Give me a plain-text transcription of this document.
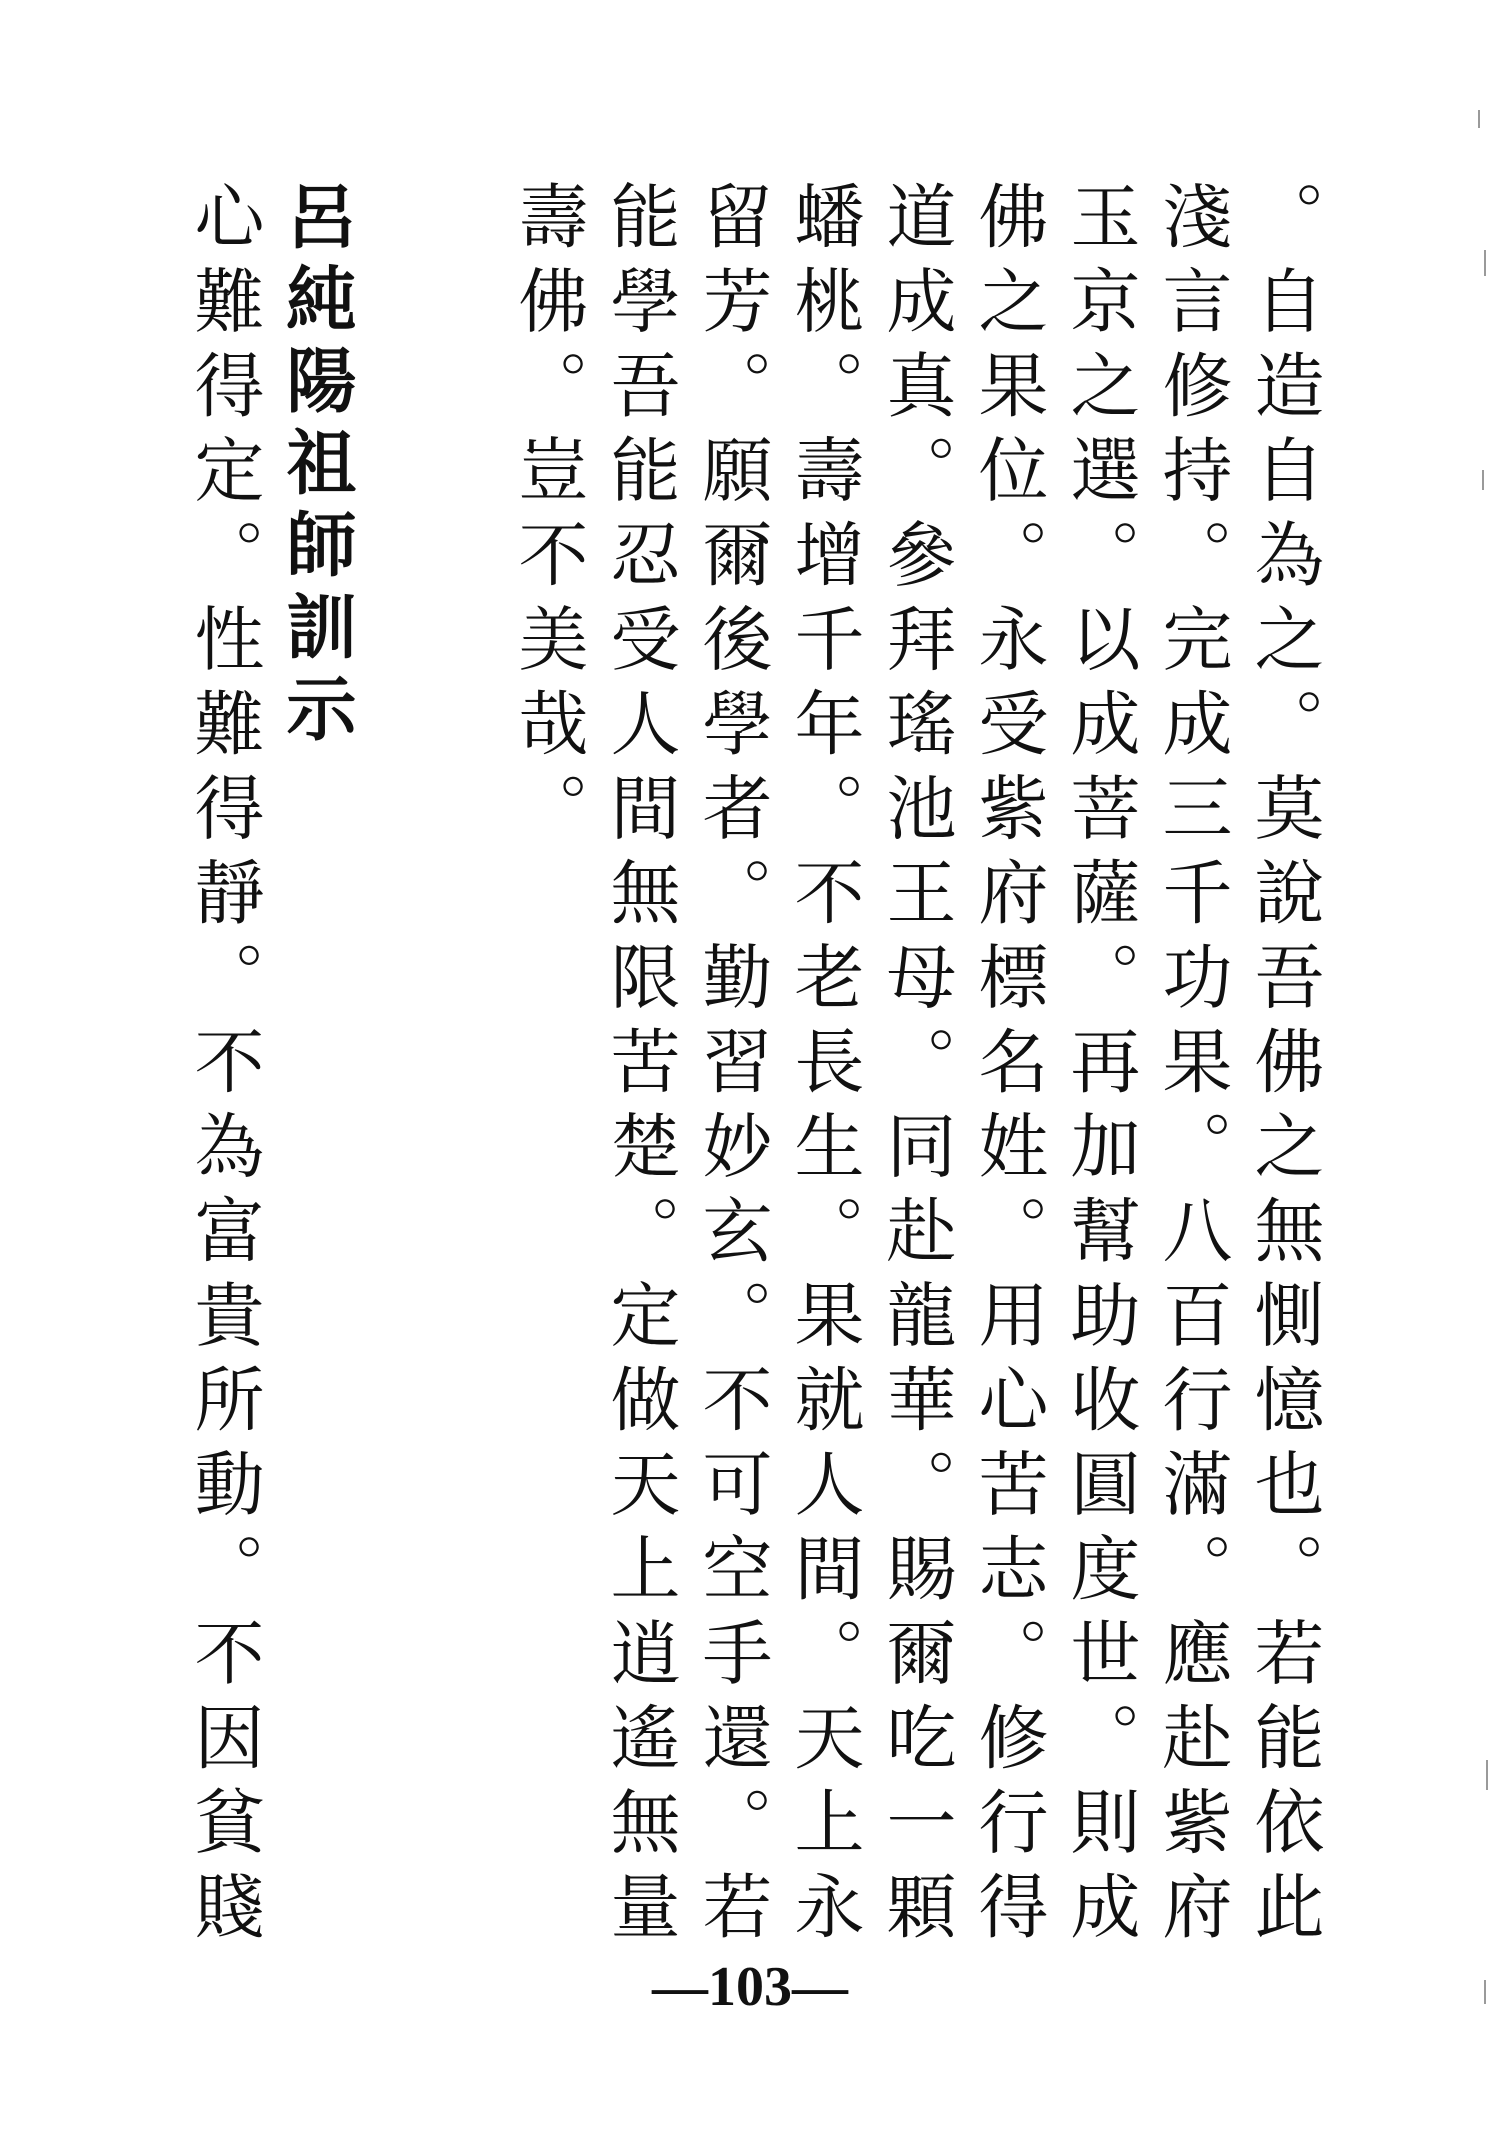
。自造自為之。莫說吾佛之無惻憶也。若能依此

淺言修持。完成三千功果。八百行滿。應赴紫府

玉京之選。以成菩薩。再加幫助收圓度世。則成

佛之果位。永受紫府標名姓。用心苦志。修行得

道成真。參拜瑤池王母。同赴龍華。賜爾吃一顆

蟠桃。壽增千年。不老長生。果就人間。天上永

留芳。願爾後學者。勤習妙玄。不可空手還。若

能學吾能忍受人間無限苦楚。定做天上逍遙無量

壽佛。豈不美哉。

呂純陽祖師訓示

心難得定。性難得靜。不為富貴所動。不因貧賤

—103—
